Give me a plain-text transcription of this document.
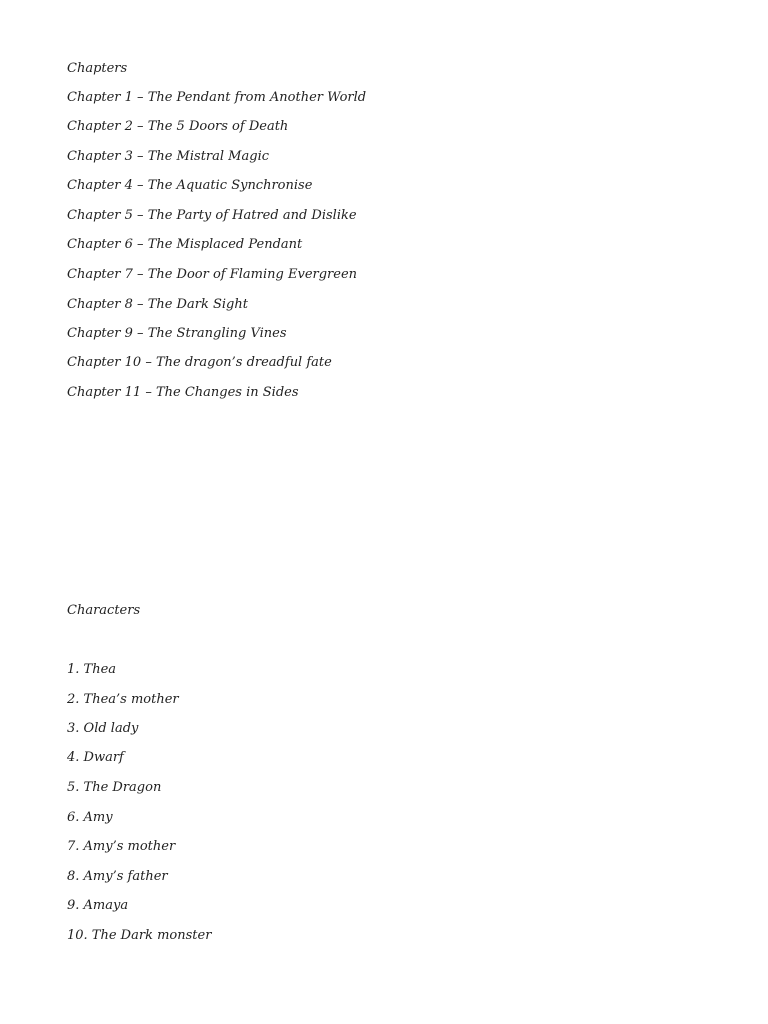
Chapters
Chapter 1 – The Pendant from Another World
Chapter 2 – The 5 Doors of Death
Chapter 3 – The Mistral Magic
Chapter 4 – The Aquatic Synchronise
Chapter 5 – The Party of Hatred and Dislike
Chapter 6 – The Misplaced Pendant
Chapter 7 – The Door of Flaming Evergreen
Chapter 8 – The Dark Sight
Chapter 9 – The Strangling Vines
Chapter 10 – The dragon’s dreadful fate
Chapter 11 – The Changes in Sides
Characters
1. Thea
2. Thea’s mother
3. Old lady
4. Dwarf
5. The Dragon
6. Amy
7. Amy’s mother
8. Amy’s father
9. Amaya
10. The Dark monster
